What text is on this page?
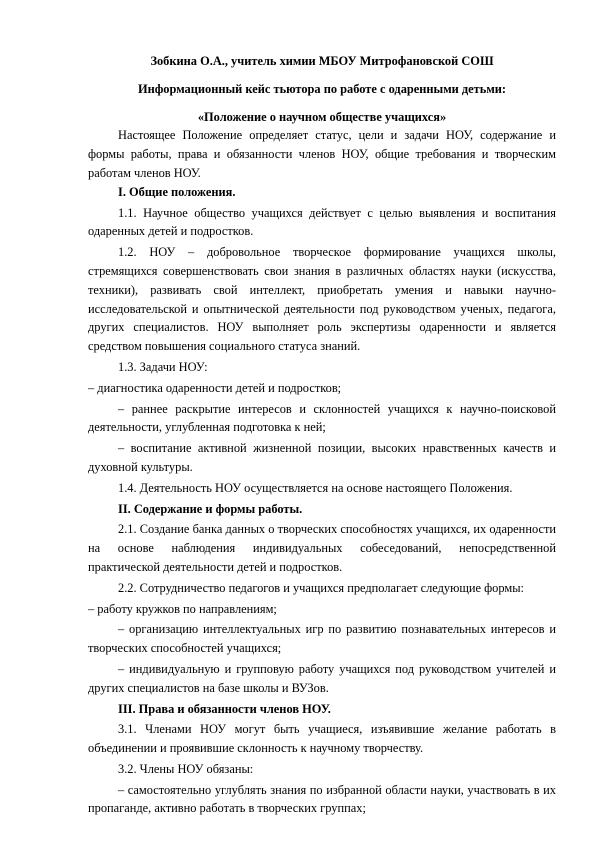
Зобкина О.А., учитель химии МБОУ Митрофановской СОШ
Информационный кейс тьютора по работе с одаренными детьми:
«Положение о научном обществе учащихся»

Настоящее Положение определяет статус, цели и задачи НОУ, содержание и формы работы, права и обязанности членов НОУ, общие требования и творческим работам членов НОУ.

I. Общие положения.

1.1. Научное общество учащихся действует с целью выявления и воспитания одаренных детей и подростков.

1.2. НОУ – добровольное творческое формирование учащихся школы, стремящихся совершенствовать свои знания в различных областях науки (искусства, техники), развивать свой интеллект, приобретать умения и навыки научно-исследовательской и опытнической деятельности под руководством ученых, педагога, других специалистов. НОУ выполняет роль экспертизы одаренности и является средством повышения социального статуса знаний.

1.3. Задачи НОУ:

– диагностика одаренности детей и подростков;

– раннее раскрытие интересов и склонностей учащихся к научно-поисковой деятельности, углубленная подготовка к ней;

– воспитание активной жизненной позиции, высоких нравственных качеств и духовной культуры.

1.4. Деятельность НОУ осуществляется на основе настоящего Положения.

II. Содержание и формы работы.

2.1. Создание банка данных о творческих способностях учащихся, их одаренности на основе наблюдения индивидуальных собеседований, непосредственной практической деятельности детей и подростков.

2.2. Сотрудничество педагогов и учащихся предполагает следующие формы:

– работу кружков по направлениям;

– организацию интеллектуальных игр по развитию познавательных интересов и творческих способностей учащихся;

– индивидуальную и групповую работу учащихся под руководством учителей и других специалистов на базе школы и ВУЗов.

III. Права и обязанности членов НОУ.

3.1. Членами НОУ могут быть учащиеся, изъявившие желание работать в объединении и проявившие склонность к научному творчеству.

3.2. Члены НОУ обязаны:

– самостоятельно углублять знания по избранной области науки, участвовать в их пропаганде, активно работать в творческих группах;
